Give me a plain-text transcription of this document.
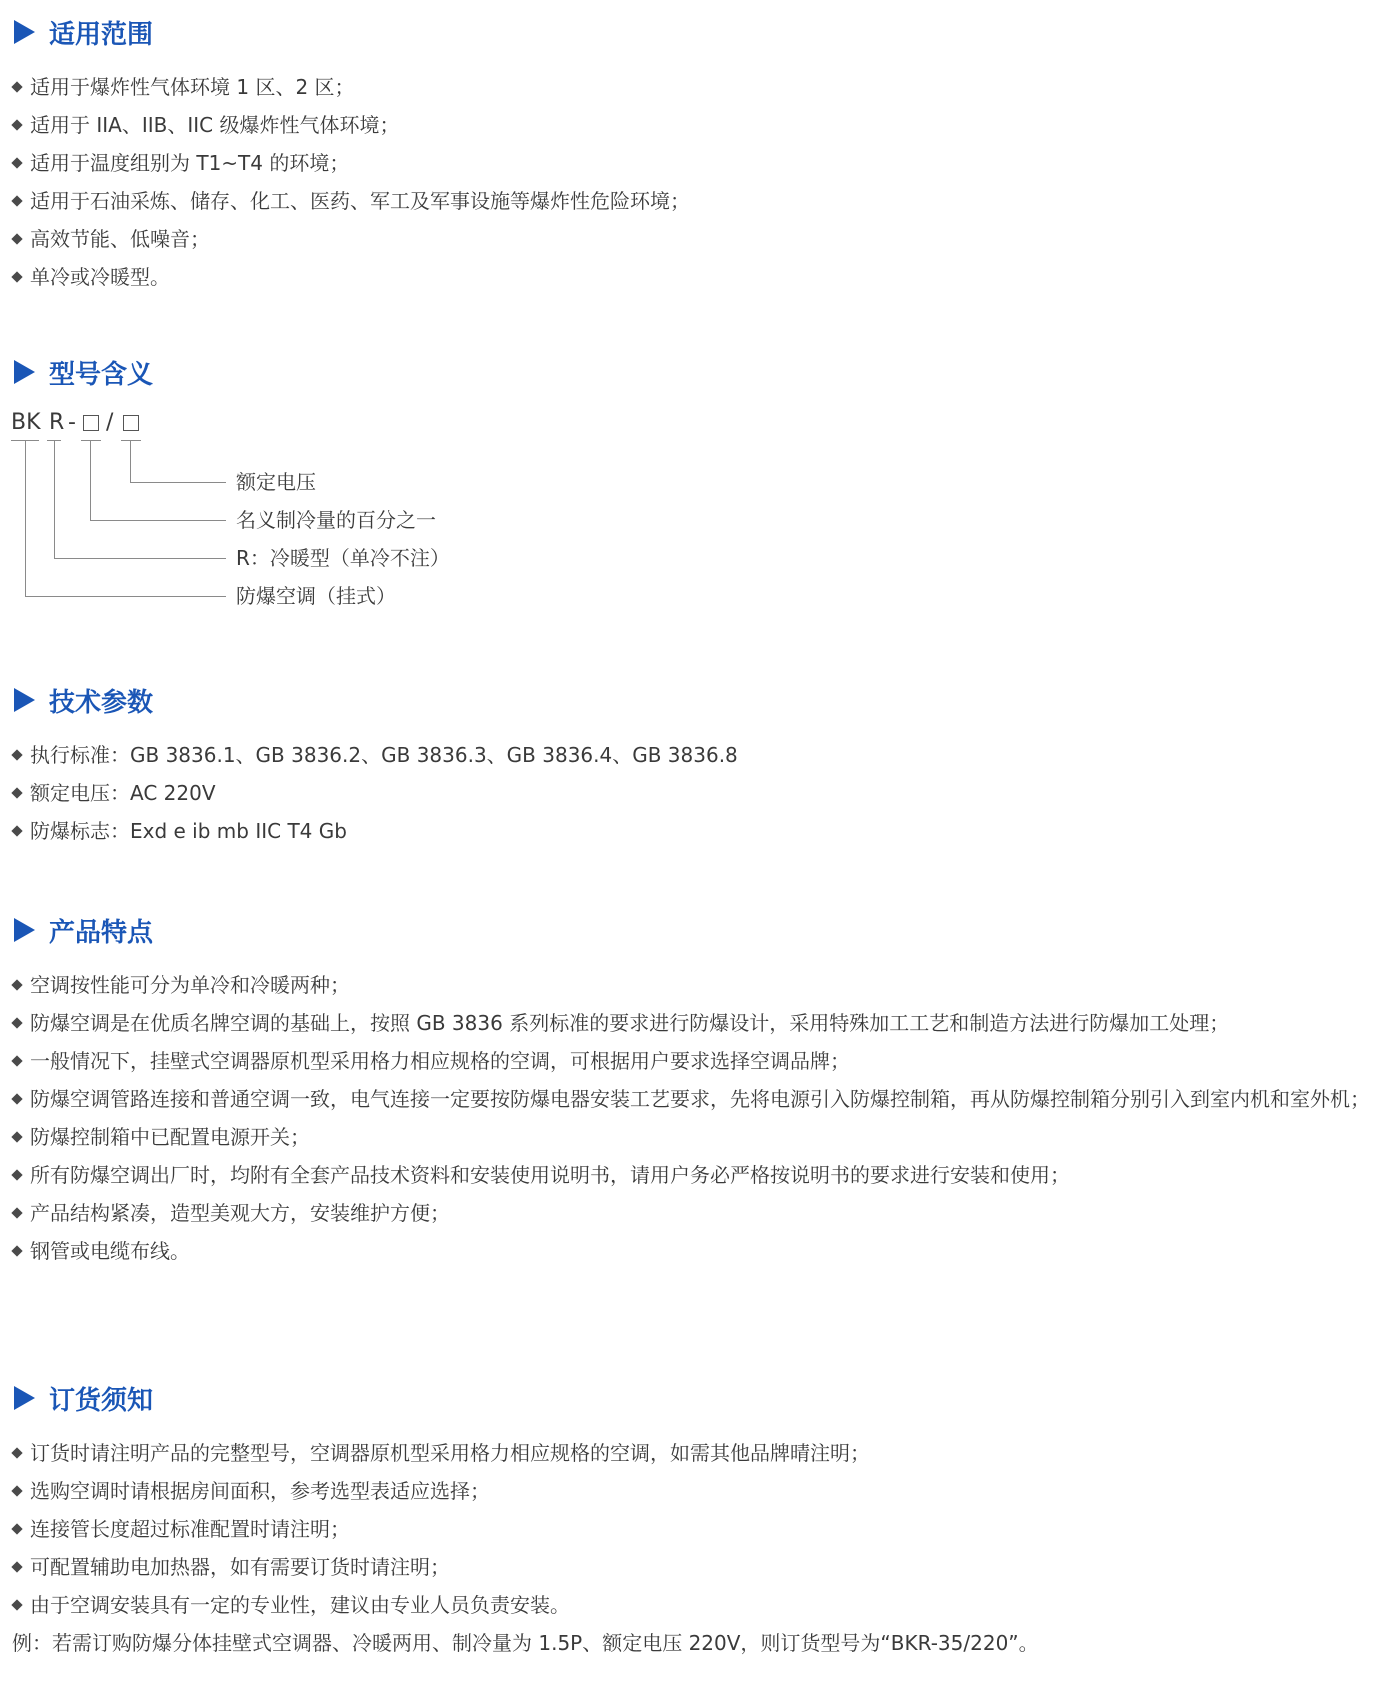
适用范围
适用于爆炸性气体环境 1 区、2 区；
适用于 IIA、IIB、IIC 级爆炸性气体环境；
适用于温度组别为 T1~T4 的环境；
适用于石油采炼、储存、化工、医药、军工及军事设施等爆炸性危险环境；
高效节能、低噪音；
单冷或冷暖型。
型号含义
BK R - /
额定电压
名义制冷量的百分之一
R：冷暖型（单冷不注）
防爆空调（挂式）
技术参数
执行标准：GB 3836.1、GB 3836.2、GB 3836.3、GB 3836.4、GB 3836.8
额定电压：AC 220V
防爆标志：Exd e ib mb IIC T4 Gb
产品特点
空调按性能可分为单冷和冷暖两种；
防爆空调是在优质名牌空调的基础上，按照 GB 3836 系列标准的要求进行防爆设计，采用特殊加工工艺和制造方法进行防爆加工处理；
一般情况下，挂壁式空调器原机型采用格力相应规格的空调，可根据用户要求选择空调品牌；
防爆空调管路连接和普通空调一致，电气连接一定要按防爆电器安装工艺要求，先将电源引入防爆控制箱，再从防爆控制箱分别引入到室内机和室外机；
防爆控制箱中已配置电源开关；
所有防爆空调出厂时，均附有全套产品技术资料和安装使用说明书，请用户务必严格按说明书的要求进行安装和使用；
产品结构紧凑，造型美观大方，安装维护方便；
钢管或电缆布线。
订货须知
订货时请注明产品的完整型号，空调器原机型采用格力相应规格的空调，如需其他品牌晴注明；
选购空调时请根据房间面积，参考选型表适应选择；
连接管长度超过标准配置时请注明；
可配置辅助电加热器，如有需要订货时请注明；
由于空调安装具有一定的专业性，建议由专业人员负责安装。
例：若需订购防爆分体挂壁式空调器、冷暖两用、制冷量为 1.5P、额定电压 220V，则订货型号为“BKR-35/220”。
